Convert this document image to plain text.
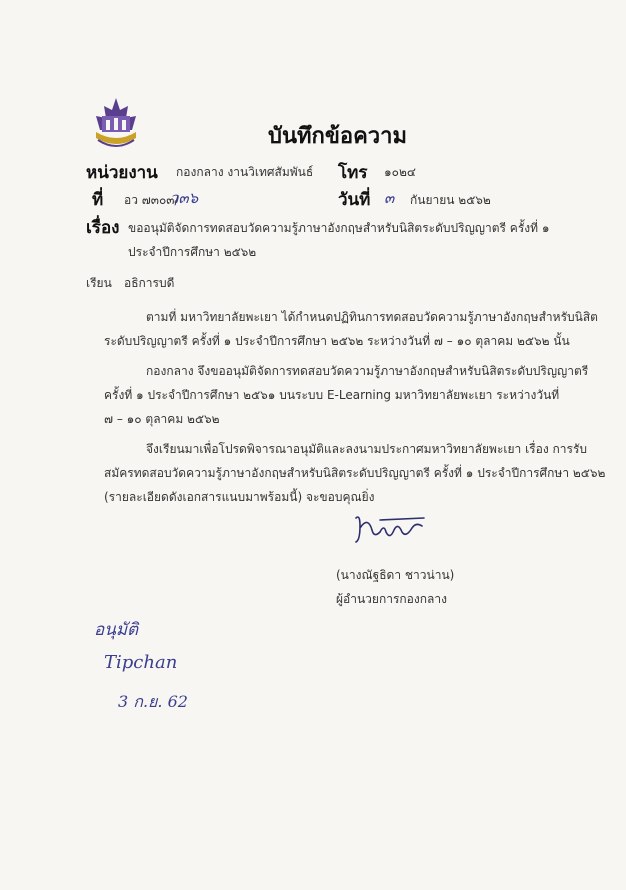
บันทึกข้อความ
หน่วยงาน กองกลาง งานวิเทศสัมพันธ์ โทร ๑๐๒๔
ที่ อว ๗๓๐๓/
ว๓๖	วันที่ ๓ กันยายน ๒๕๖๒
เรื่อง ขออนุมัติจัดการทดสอบวัดความรู้ภาษาอังกฤษสำหรับนิสิตระดับปริญญาตรี ครั้งที่ ๑
ประจำปีการศึกษา ๒๕๖๒
เรียน อธิการบดี
ตามที่ มหาวิทยาลัยพะเยา ได้กำหนดปฏิทินการทดสอบวัดความรู้ภาษาอังกฤษสำหรับนิสิต
ระดับปริญญาตรี ครั้งที่ ๑ ประจำปีการศึกษา ๒๕๖๒ ระหว่างวันที่ ๗ – ๑๐ ตุลาคม ๒๕๖๒ นั้น
กองกลาง จึงขออนุมัติจัดการทดสอบวัดความรู้ภาษาอังกฤษสำหรับนิสิตระดับปริญญาตรี
ครั้งที่ ๑ ประจำปีการศึกษา ๒๕๖๑ บนระบบ E-Learning มหาวิทยาลัยพะเยา ระหว่างวันที่
๗ – ๑๐ ตุลาคม ๒๕๖๒
จึงเรียนมาเพื่อโปรดพิจารณาอนุมัติและลงนามประกาศมหาวิทยาลัยพะเยา เรื่อง การรับ
สมัครทดสอบวัดความรู้ภาษาอังกฤษสำหรับนิสิตระดับปริญญาตรี ครั้งที่ ๑ ประจำปีการศึกษา ๒๕๖๒
(รายละเอียดดังเอกสารแนบมาพร้อมนี้) จะขอบคุณยิ่ง
(นางณัฐธิดา ชาวน่าน)
ผู้อำนวยการกองกลาง
อนุมัติ
Tipchan
3 ก.ย. 62
